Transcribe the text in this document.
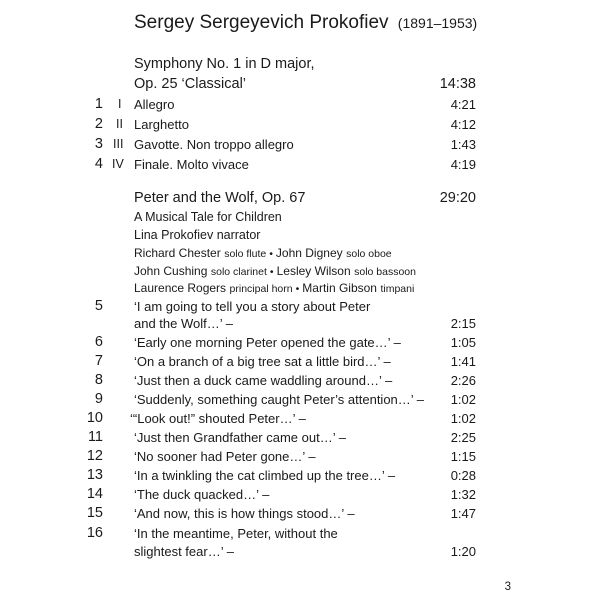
Sergey Sergeyevich Prokofiev (1891–1953)
Symphony No. 1 in D major,
Op. 25 ‘Classical’	14:38
1 I Allegro	4:21
2 II Larghetto	4:12
3 III Gavotte. Non troppo allegro	1:43
4 IV Finale. Molto vivace	4:19
Peter and the Wolf, Op. 67	29:20
A Musical Tale for Children
Lina Prokofiev narrator
Richard Chester solo flute • John Digney solo oboe
John Cushing solo clarinet • Lesley Wilson solo bassoon
Laurence Rogers principal horn • Martin Gibson timpani
5 ‘I am going to tell you a story about Peter
and the Wolf…’ –	2:15
6 ‘Early one morning Peter opened the gate…’ –	1:05
7 ‘On a branch of a big tree sat a little bird…’ –	1:41
8 ‘Just then a duck came waddling around…’ –	2:26
9 ‘Suddenly, something caught Peter’s attention…’ – 1:02
10 ‘“Look out!” shouted Peter…’ –	1:02
11 ‘Just then Grandfather came out…’ –	2:25
12 ‘No sooner had Peter gone…’ –	1:15
13 ‘In a twinkling the cat climbed up the tree…’ –	0:28
14 ‘The duck quacked…’ –	1:32
15 ‘And now, this is how things stood…’ –	1:47
16 ‘In the meantime, Peter, without the
slightest fear…’ –	1:20
3
